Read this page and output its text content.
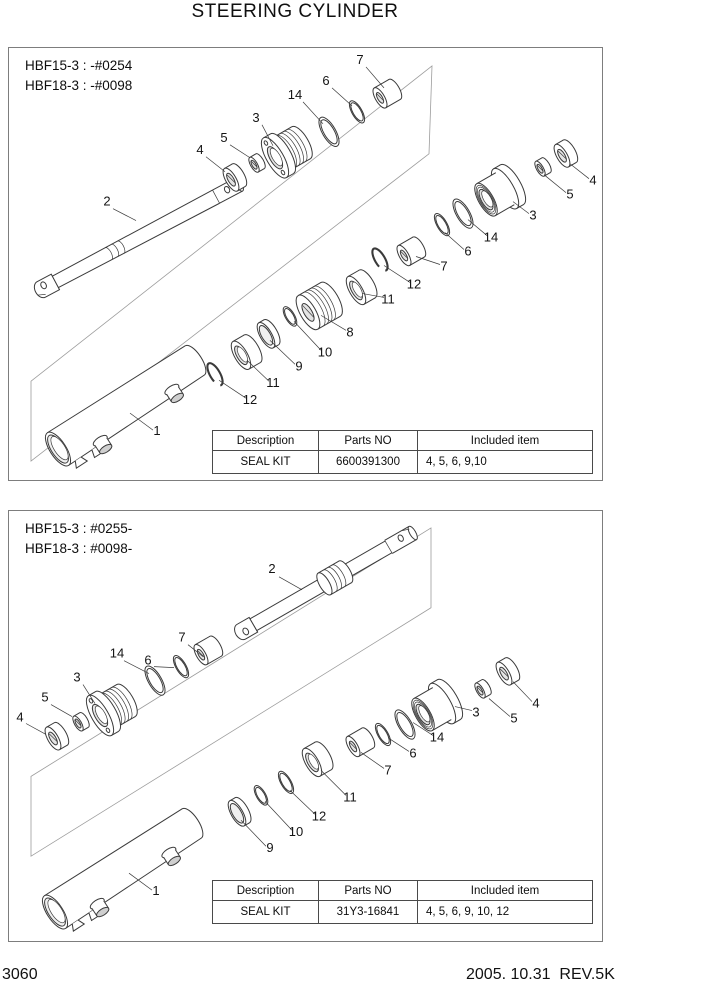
STEERING CYLINDER
7
6
14
3
5
4
2
4
5
3
14
6
7
12
11
8
10
9
11
12
1
HBF15-3 : -#0254
HBF18-3 : -#0098
Description	Parts NO	Included item
SEAL KIT	6600391300	4, 5, 6, 9,10
2
7
6
14
3
5
4
4
5
3
14
6
7
11
12
10
9
1
HBF15-3 : #0255-
HBF18-3 : #0098-
Description	Parts NO	Included item
SEAL KIT	31Y3-16841	4, 5, 6, 9, 10, 12
3060	2005. 10.31  REV.5K
